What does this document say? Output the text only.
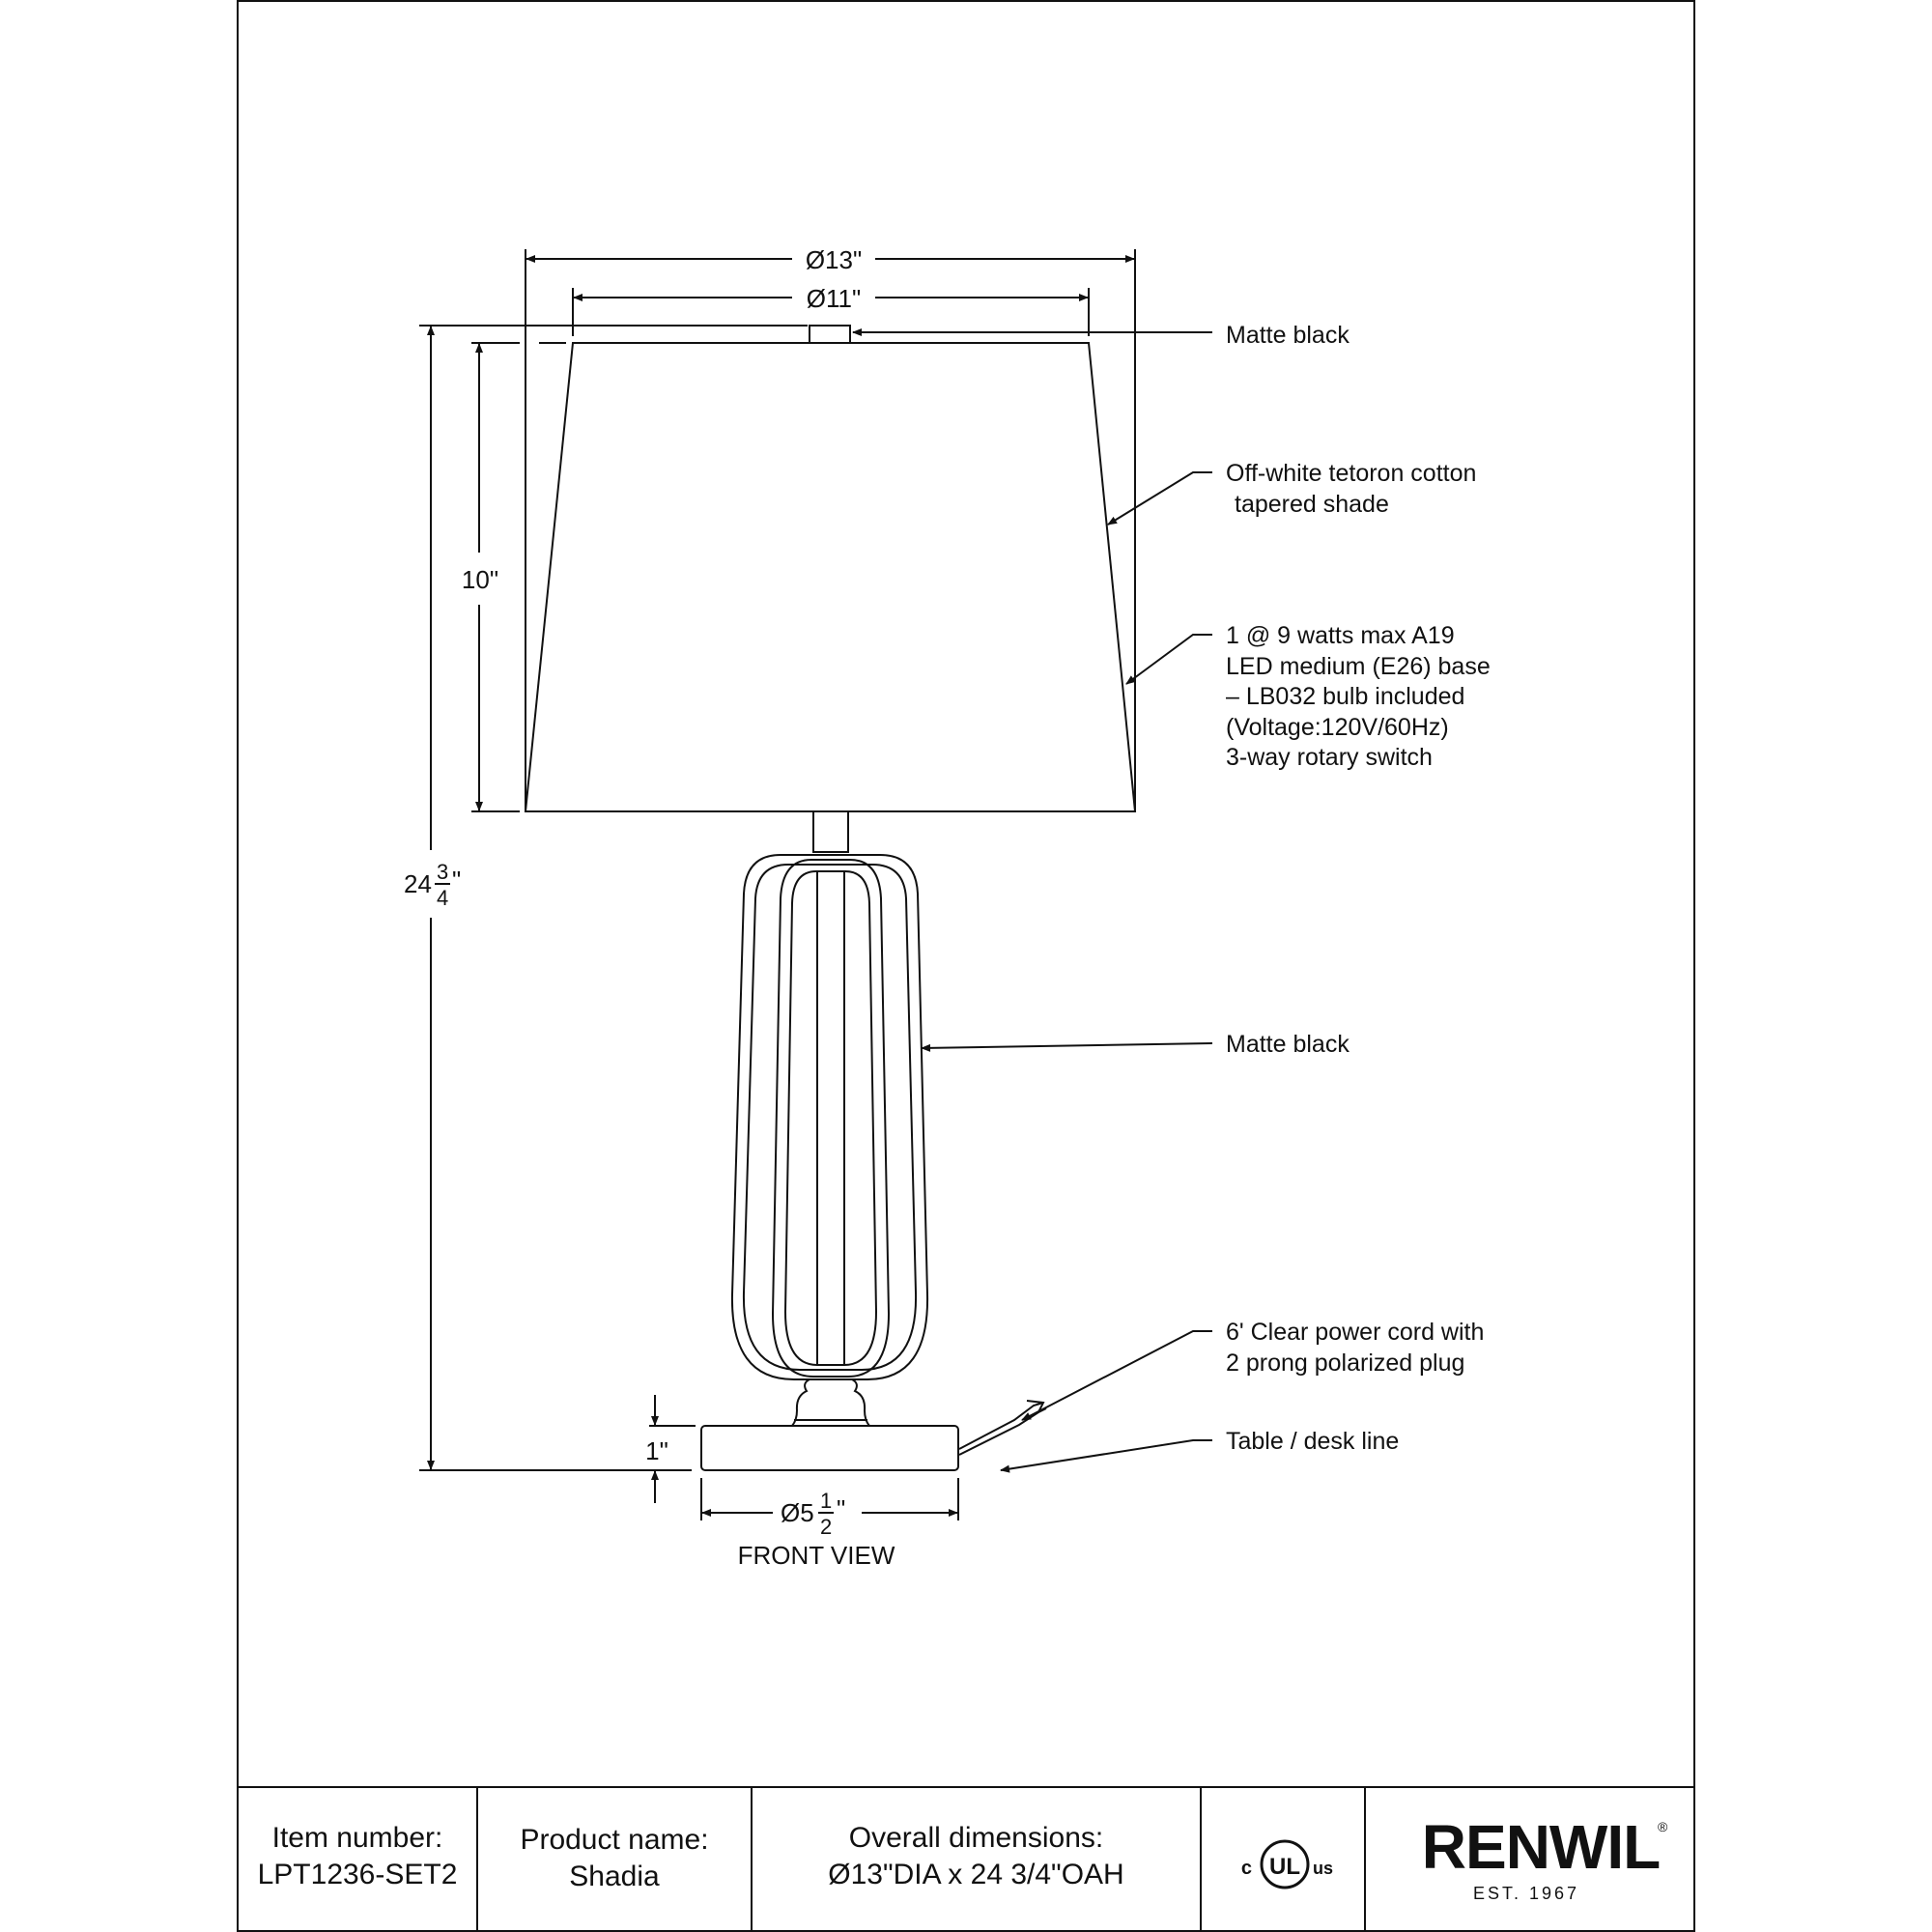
Ø13"
Ø11"
10"
24 3
4
"
1"
Ø5 1
2
"
FRONT VIEW
Matte black
Off-white tetoron cotton
tapered shade
1 @ 9 watts max A19
LED medium (E26) base
– LB032 bulb included
(Voltage:120V/60Hz)
3-way rotary switch
Matte black
6' Clear power cord with
2 prong polarized plug
Table / desk line
UL
c	us RENWIL
®
EST. 1967
Item number:
LPT1236-SET2
Product name:
Shadia
Overall dimensions:
Ø13"DIA x 24 3/4"OAH
